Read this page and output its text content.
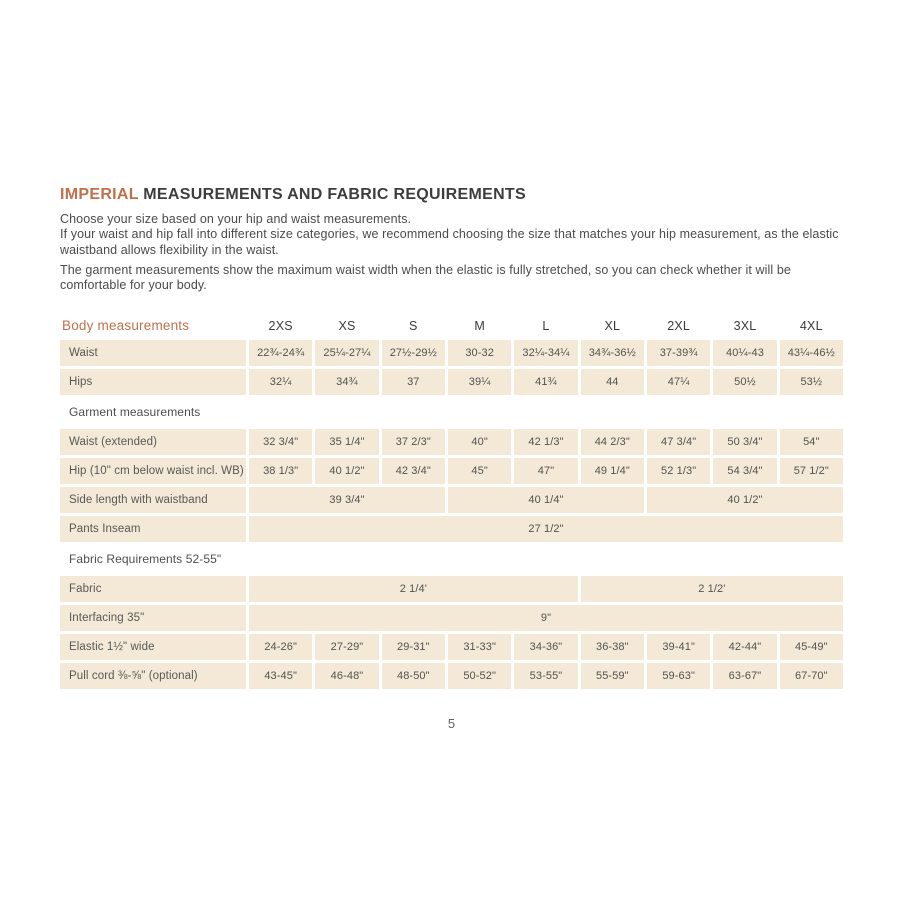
IMPERIAL MEASUREMENTS AND FABRIC REQUIREMENTS

Choose your size based on your hip and waist measurements.

If your waist and hip fall into different size categories, we recommend choosing the size that matches your hip measurement, as the elastic waistband allows flexibility in the waist.

The garment measurements show the maximum waist width when the elastic is fully stretched, so you can check whether it will be comfortable for your body.

Body measurements	2XS	XS	S	M	L	XL	2XL	3XL	4XL
Waist	22¾-24¾	25¼-27¼	27½-29½	30-32	32¼-34¼	34¾-36½	37-39¾	40¼-43	43¼-46½
Hips	32¼	34¾	37	39¼	41¾	44	47¼	50½	53½
Garment measurements
Waist (extended)	32 3/4"	35 1/4"	37 2/3"	40"	42 1/3"	44 2/3"	47 3/4"	50 3/4"	54"
Hip (10" cm below waist incl. WB)	38 1/3"	40 1/2"	42 3/4"	45"	47"	49 1/4"	52 1/3"	54 3/4"	57 1/2"
Side length with waistband	39 3/4"	40 1/4"	40 1/2"
Pants Inseam	27 1/2"
Fabric Requirements 52-55"
Fabric	2 1/4'	2 1/2'
Interfacing 35"	9"
Elastic 1½" wide	24-26"	27-29"	29-31"	31-33"	34-36"	36-38"	39-41"	42-44"	45-49"
Pull cord ⅜-⅝" (optional)	43-45"	46-48"	48-50"	50-52"	53-55"	55-59"	59-63"	63-67"	67-70"
5
